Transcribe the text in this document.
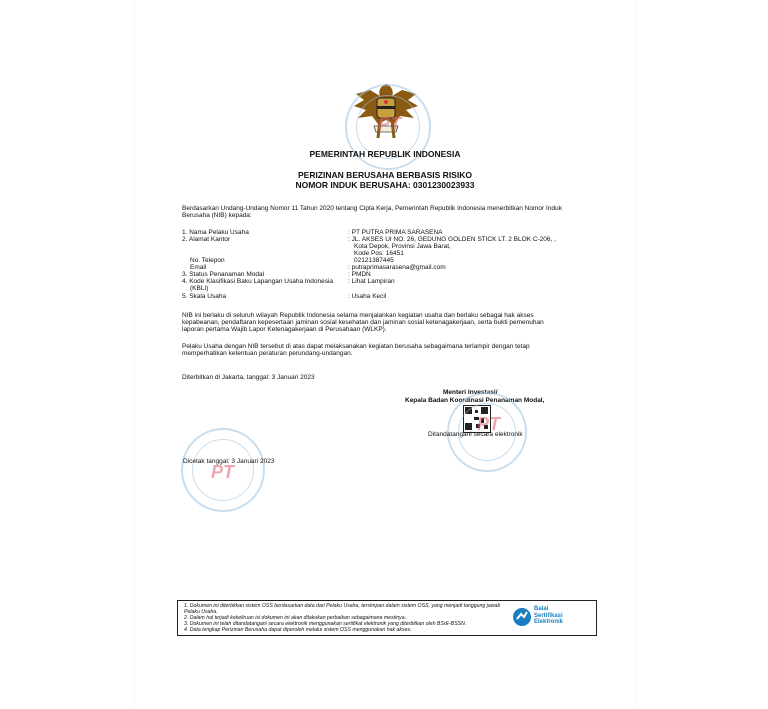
PT
PEMERINTAH REPUBLIK INDONESIA
PERIZINAN BERUSAHA BERBASIS RISIKO
NOMOR INDUK BERUSAHA: 0301230023933
Berdasarkan Undang-Undang Nomor 11 Tahun 2020 tentang Cipta Kerja, Pemerintah Republik Indonesia menerbitkan Nomor Induk
Berusaha (NIB) kepada:
1. Nama Pelaku Usaha	: PT PUTRA PRIMA SARASENA
2. Alamat Kantor	: JL. AKSES UI NO. 26, GEDUNG GOLDEN STICK LT. 2 BLOK C-206, ,
Kota Depok, Provinsi Jawa Barat,
Kode Pos: 16451
No. Telepon	02121387445
Email	: putraprimasarasena@gmail.com
3. Status Penanaman Modal	: PMDN
4. Kode Klasifikasi Baku Lapangan Usaha Indonesia : Lihat Lampiran
(KBLI)
5. Skala Usaha	: Usaha Kecil
NIB ini berlaku di seluruh wilayah Republik Indonesia selama menjalankan kegiatan usaha dan berlaku sebagai hak akses
kepabeanan, pendaftaran kepesertaan jaminan sosial kesehatan dan jaminan sosial ketenagakerjaan, serta bukti pemenuhan
laporan pertama Wajib Lapor Ketenagakerjaan di Perusahaan (WLKP).
Pelaku Usaha dengan NIB tersebut di atas dapat melaksanakan kegiatan berusaha sebagaimana terlampir dengan tetap
memperhatikan ketentuan peraturan perundang-undangan.
Diterbitkan di Jakarta, tanggal: 3 Januari 2023
Menteri Investasi/
Kepala Badan Koordinasi Penanaman Modal,
PT
Ditandatangani secara elektronik
PT
Dicetak tanggal: 3 Januari 2023
1. Dokumen ini diterbitkan sistem OSS berdasarkan data dari Pelaku Usaha, tersimpan dalam sistem OSS, yang menjadi tanggung jawab
Pelaku Usaha.
2. Dalam hal terjadi kekeliruan isi dokumen ini akan dilakukan perbaikan sebagaimana mestinya.
3. Dokumen ini telah ditandatangani secara elektronik menggunakan sertifikat elektronik yang diterbitkan oleh BSrE-BSSN.
4. Data lengkap Perizinan Berusaha dapat diperoleh melalui sistem OSS menggunakan hak akses.
Balai
Sertifikasi
Elektronik
